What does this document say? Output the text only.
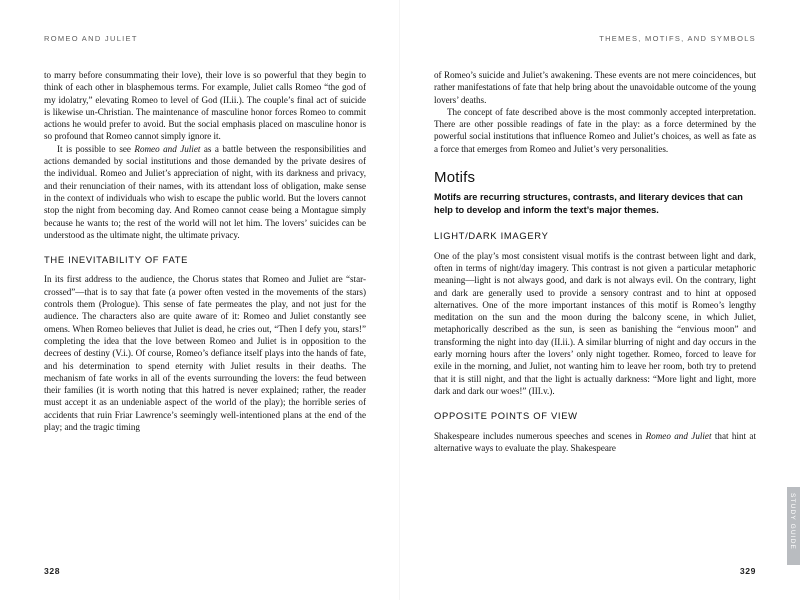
ROMEO AND JULIET

to marry before consummating their love), their love is so powerful that they begin to think of each other in blasphemous terms. For example, Juliet calls Romeo “the god of my idolatry,” elevating Romeo to level of God (II.ii.). The couple’s final act of suicide is likewise un-Christian. The maintenance of masculine honor forces Romeo to commit actions he would prefer to avoid. But the social emphasis placed on masculine honor is so profound that Romeo cannot simply ignore it.

It is possible to see Romeo and Juliet as a battle between the responsibilities and actions demanded by social institutions and those demanded by the private desires of the individual. Romeo and Juliet’s appreciation of night, with its darkness and privacy, and their renunciation of their names, with its attendant loss of obligation, make sense in the context of individuals who wish to escape the public world. But the lovers cannot stop the night from becoming day. And Romeo cannot cease being a Montague simply because he wants to; the rest of the world will not let him. The lovers’ suicides can be understood as the ultimate night, the ultimate privacy.

THE INEVITABILITY OF FATE

In its first address to the audience, the Chorus states that Romeo and Juliet are “star-crossed”—that is to say that fate (a power often vested in the movements of the stars) controls them (Prologue). This sense of fate permeates the play, and not just for the audience. The characters also are quite aware of it: Romeo and Juliet constantly see omens. When Romeo believes that Juliet is dead, he cries out, “Then I defy you, stars!” completing the idea that the love between Romeo and Juliet is in opposition to the decrees of destiny (V.i.). Of course, Romeo’s defiance itself plays into the hands of fate, and his determination to spend eternity with Juliet results in their deaths. The mechanism of fate works in all of the events surrounding the lovers: the feud between their families (it is worth noting that this hatred is never explained; rather, the reader must accept it as an undeniable aspect of the world of the play); the horrible series of accidents that ruin Friar Lawrence’s seemingly well-intentioned plans at the end of the play; and the tragic timing

328
THEMES, MOTIFS, AND SYMBOLS

of Romeo’s suicide and Juliet’s awakening. These events are not mere coincidences, but rather manifestations of fate that help bring about the unavoidable outcome of the young lovers’ deaths.

The concept of fate described above is the most commonly accepted interpretation. There are other possible readings of fate in the play: as a force determined by the powerful social institutions that influence Romeo and Juliet’s choices, as well as fate as a force that emerges from Romeo and Juliet’s very personalities.

Motifs

Motifs are recurring structures, contrasts, and literary devices that can help to develop and inform the text’s major themes.

LIGHT/DARK IMAGERY

One of the play’s most consistent visual motifs is the contrast between light and dark, often in terms of night/day imagery. This contrast is not given a particular metaphoric meaning—light is not always good, and dark is not always evil. On the contrary, light and dark are generally used to provide a sensory contrast and to hint at opposed alternatives. One of the more important instances of this motif is Romeo’s lengthy meditation on the sun and the moon during the balcony scene, in which Juliet, metaphorically described as the sun, is seen as banishing the “envious moon” and transforming the night into day (II.ii.). A similar blurring of night and day occurs in the early morning hours after the lovers’ only night together. Romeo, forced to leave for exile in the morning, and Juliet, not wanting him to leave her room, both try to pretend that it is still night, and that the light is actually darkness: “More light and light, more dark and dark our woes!” (III.v.).

OPPOSITE POINTS OF VIEW

Shakespeare includes numerous speeches and scenes in Romeo and Juliet that hint at alternative ways to evaluate the play. Shakespeare

329
STUDY GUIDE
